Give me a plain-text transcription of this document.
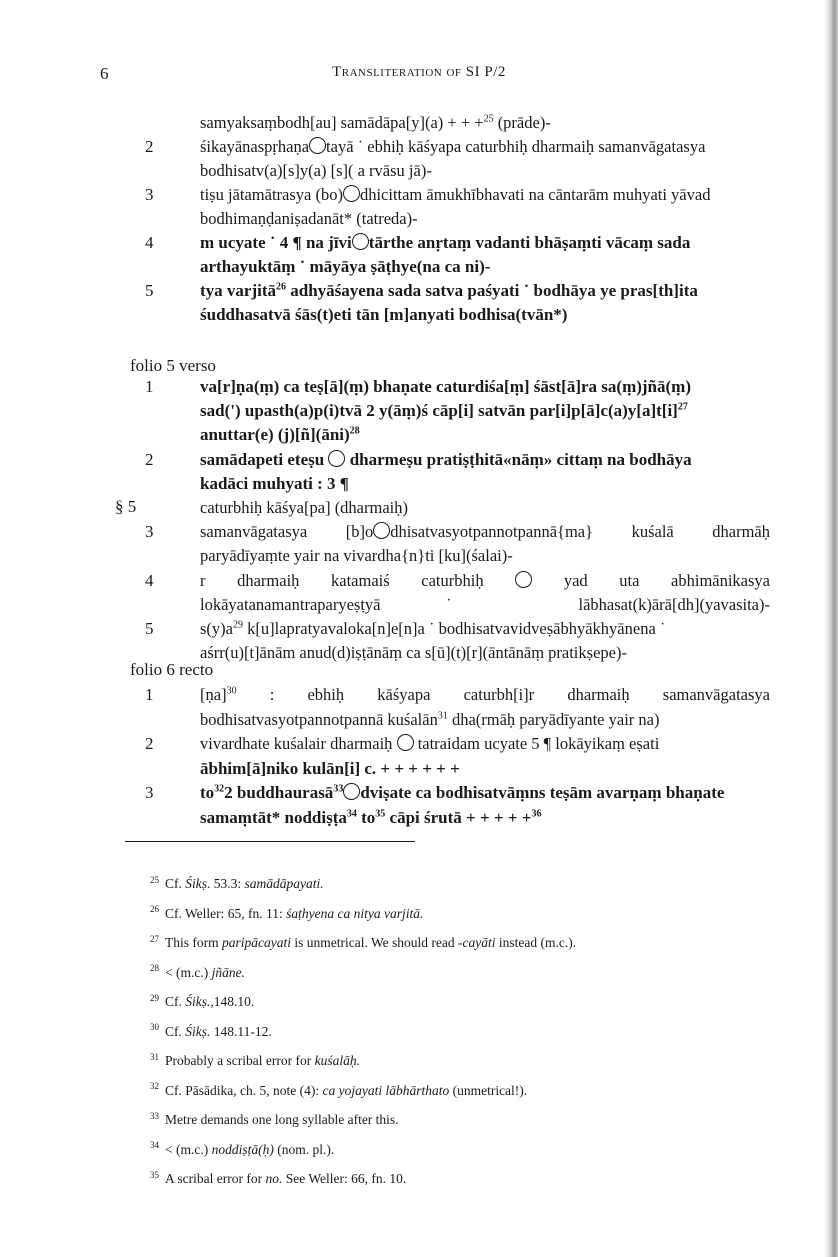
6	Transliteration of SI P/2
samyaksaṃbodh[au] samādāpa[y](a) + + +$^{25}$ (prāde)-
2	śikayānaspṛhaṇa tayā ˙ ebhiḥ kāśyapa caturbhiḥ dharmaiḥ samanvāgatasya
bodhisatv(a)[s]y(a) [s]( a rvāsu jā)-
3	tiṣu jātamātrasya (bo) dhicittam āmukhībhavati na cāntarām muhyati yāvad
bodhimaṇḍaniṣadanāt* (tatreda)-
4	m ucyate ˙ 4 ¶ na jīvi tārthe anṛtaṃ vadanti bhāṣaṃti vācaṃ sada
arthayuktāṃ ˙ māyāya ṣāṭhye(na ca ni)-
5	tya varjitā$^{26}$ adhyāśayena sada satva paśyati ˙ bodhāya ye pras[th]ita
śuddhasatvā śās(t)eti tān [m]anyati bodhisa(tvān*)
folio 5 verso
§ 5
1	va[r]ṇa(ṃ) ca teṣ[ā](ṃ) bhaṇate caturdiśa[ṃ] śāst[ā]ra sa(ṃ)jñā(ṃ)
sad(') upasth(a)p(i)tvā 2 y(āṃ)ś cāp[i] satvān $par[i]p[ā]c(a)y[a]t[i]^{27}$
anuttar(e) (j)[ñ](āni)$^{28}$
2	samādapeti eteṣu  dharmeṣu pratiṣṭhitā«nāṃ» cittaṃ na bodhāya
kadāci muhyati : 3 ¶
caturbhiḥ kāśya[pa] (dharmaiḥ)
3	samanvāgatasya [b]o dhisatvasyotpannotpannā{ma} kuśalā dharmāḥ
paryādīyaṃte yair na vivardha{n}ti [ku](śalai)-
4	r dharmaiḥ katamaiś caturbhiḥ  yad uta abhimānikasya
lokāyatanamantraparyeṣṭyā ˙ lābhasat(k)ārā[dh](yavasita)-
5	$s(y)a^{29}$ k[u]lapratyavaloka[n]e[n]a ˙ bodhisatvavidveṣābhyākhyānena ˙
aśrr(u)[t]ānām anud(d)iṣṭānāṃ ca s[ū](t)[r](āntānāṃ pratikṣepe)-
folio 6 recto
1	[ṇa]$^{30}$ : ebhiḥ kāśyapa caturbh[i]r dharmaiḥ samanvāgatasya
bodhisatvasyotpannotpannā kuśalān$^{31}$ dha(rmāḥ paryādīyante yair na)
2	vivardhate kuśalair dharmaiḥ  tatraidam ucyate 5 ¶ lokāyikaṃ eṣati
ābhim[ā]niko kulān[i] c. + + + + + +
3	$to^{32}2$ buddhaurasā$^{33}$ dviṣate ca bodhisatvāṃns teṣām avarṇaṃ bhaṇate
samaṃtāt* noddiṣṭa$^{34}$ $to^{35}$ cāpi śrutā + + + + +$^{36}$
$^{25}$ Cf. Śikṣ. 53.3: samādāpayati.
$^{26}$ Cf. Weller: 65, fn. 11: śaṭhyena ca nitya varjitā.
$^{27}$ This form paripācayati is unmetrical. We should read -cayāti instead (m.c.).
$^{28}$ < (m.c.) jñāne.
$^{29}$ Cf. Śikṣ.,148.10.
$^{30}$ Cf. Śikṣ. 148.11-12.
$^{31}$ Probably a scribal error for kuśalāḥ.
$^{32}$ Cf. Pāsādika, ch. 5, note (4): ca yojayati lābhārthato (unmetrical!).
$^{33}$ Metre demands one long syllable after this.
$^{34}$ < (m.c.) noddiṣṭā(ḥ) (nom. pl.).
$^{35}$ A scribal error for no. See Weller: 66, fn. 10.
